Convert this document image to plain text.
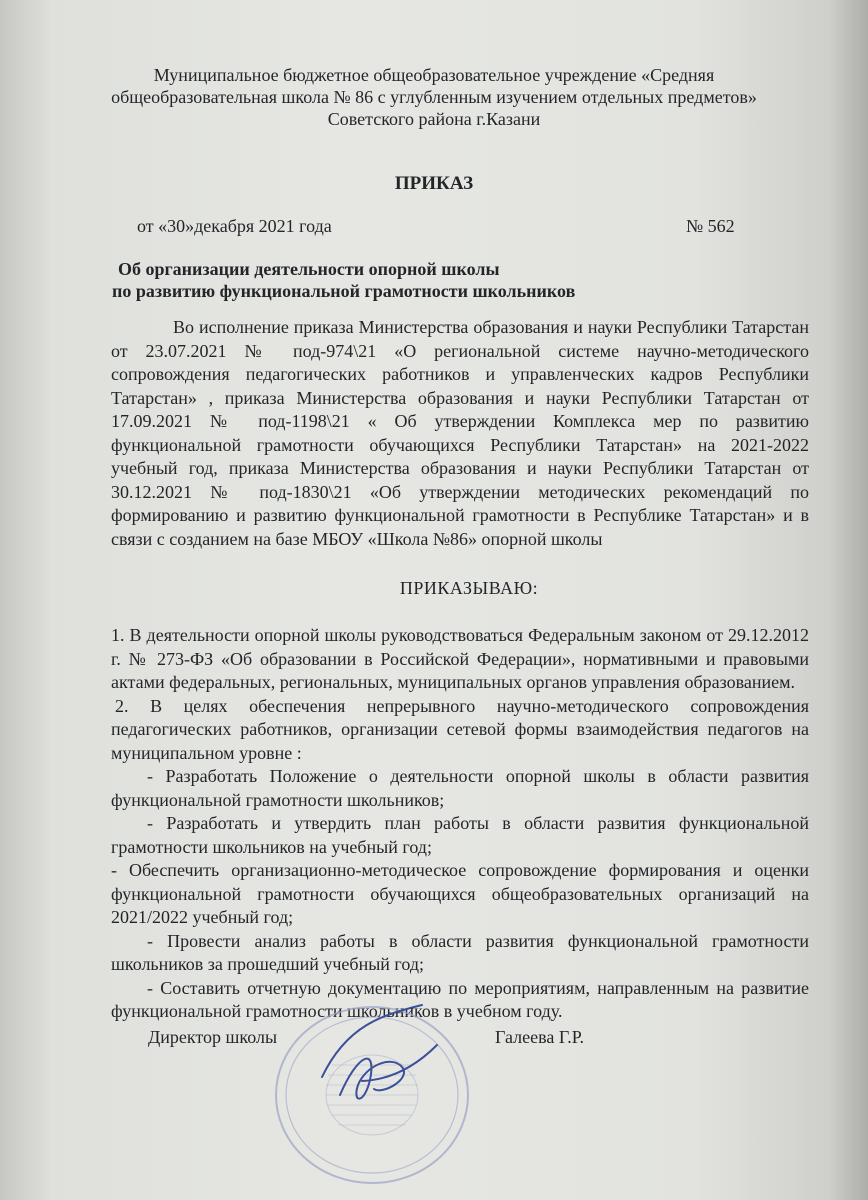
Муниципальное бюджетное общеобразовательное учреждение «Средняя
общеобразовательная школа № 86 с углубленным изучением отдельных предметов»
Советского района г.Казани
ПРИКАЗ
от «30»декабря 2021 года	№ 562
Об организации деятельности опорной школы
по развитию функциональной грамотности школьников
Во исполнение приказа Министерства образования и науки Республики Татарстан от 23.07.2021 № под-974\21 «О региональной системе научно-методического сопровождения педагогических работников и управленческих кадров Республики Татарстан» , приказа Министерства образования и науки Республики Татарстан от 17.09.2021 № под-1198\21 « Об утверждении Комплекса мер по развитию функциональной грамотности обучающихся Республики Татарстан» на 2021-2022 учебный год, приказа Министерства образования и науки Республики Татарстан от 30.12.2021 № под-1830\21 «Об утверждении методических рекомендаций по формированию и развитию функциональной грамотности в Республике Татарстан» и в связи с созданием на базе МБОУ «Школа №86» опорной школы
ПРИКАЗЫВАЮ:

1. В деятельности опорной школы руководствоваться Федеральным законом от 29.12.2012 г. № 273-ФЗ «Об образовании в Российской Федерации», нормативными и правовыми актами федеральных, региональных, муниципальных органов управления образованием.

2. В целях обеспечения непрерывного научно-методического сопровождения педагогических работников, организации сетевой формы взаимодействия педагогов на муниципальном уровне :

- Разработать Положение о деятельности опорной школы в области развития функциональной грамотности школьников;

- Разработать и утвердить план работы в области развития функциональной грамотности школьников на учебный год;

- Обеспечить организационно-методическое сопровождение формирования и оценки функциональной грамотности обучающихся общеобразовательных организаций на 2021/2022 учебный год;

- Провести анализ работы в области развития функциональной грамотности школьников за прошедший учебный год;

- Составить отчетную документацию по мероприятиям, направленным на развитие функциональной грамотности школьников в учебном году.

Директор школы	Галеева Г.Р.
